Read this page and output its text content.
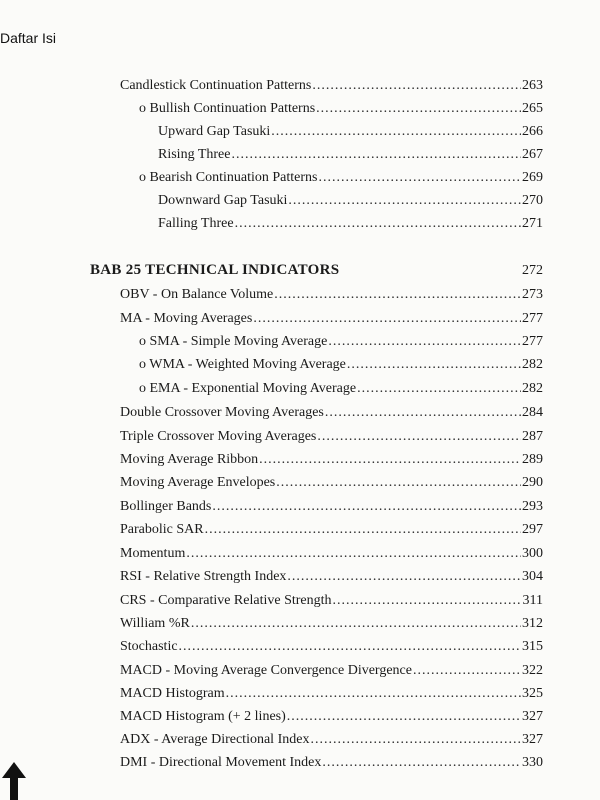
Daftar Isi
Candlestick Continuation Patterns .....	263
o Bullish Continuation Patterns .....	265
Upward Gap Tasuki .....	266
Rising Three .....	267
o Bearish Continuation Patterns .....	269
Downward Gap Tasuki .....	270
Falling Three .....	271
BAB 25 TECHNICAL INDICATORS	272
OBV - On Balance Volume .....	273
MA - Moving Averages .....	277
o SMA - Simple Moving Average .....	277
o WMA - Weighted Moving Average .....	282
o EMA - Exponential Moving Average .....	282
Double Crossover Moving Averages .....	284
Triple Crossover Moving Averages .....	287
Moving Average Ribbon .....	289
Moving Average Envelopes .....	290
Bollinger Bands .....	293
Parabolic SAR .....	297
Momentum .....	300
RSI - Relative Strength Index .....	304
CRS - Comparative Relative Strength .....	311
William %R .....	312
Stochastic .....	315
MACD - Moving Average Convergence Divergence .....	322
MACD Histogram .....	325
MACD Histogram (+ 2 lines) .....	327
ADX - Average Directional Index .....	327
DMI - Directional Movement Index .....	330
